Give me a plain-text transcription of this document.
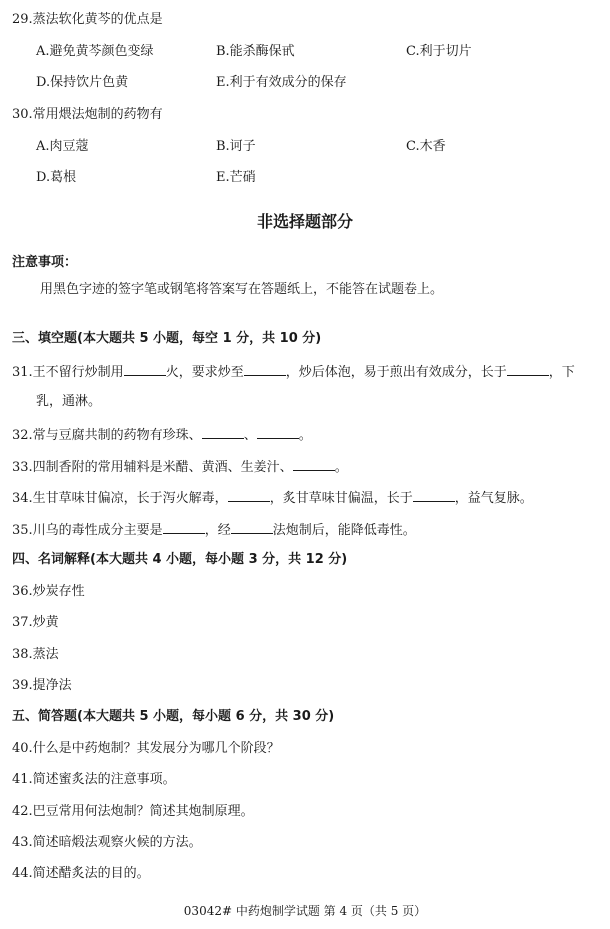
29.蒸法软化黄芩的优点是
A.避免黄芩颜色变绿	B.能杀酶保甙	C.利于切片
D.保持饮片色黄	E.利于有效成分的保存
30.常用煨法炮制的药物有
A.肉豆蔻	B.诃子	C.木香
D.葛根	E.芒硝
非选择题部分
注意事项：
用黑色字迹的签字笔或钢笔将答案写在答题纸上，不能答在试题卷上。
三、填空题(本大题共 5 小题，每空 1 分，共 10 分)
31.王不留行炒制用	火，要求炒至	，炒后体泡，易于煎出有效成分，长于	，下
乳，通淋。
32.常与豆腐共制的药物有珍珠、	、	。
33.四制香附的常用辅料是米醋、黄酒、生姜汁、	。
34.生甘草味甘偏凉，长于泻火解毒，	，炙甘草味甘偏温，长于	，益气复脉。
35.川乌的毒性成分主要是	，经	法炮制后，能降低毒性。
四、名词解释(本大题共 4 小题，每小题 3 分，共 12 分)
36.炒炭存性
37.炒黄
38.蒸法
39.提净法
五、简答题(本大题共 5 小题，每小题 6 分，共 30 分)
40.什么是中药炮制？其发展分为哪几个阶段？
41.简述蜜炙法的注意事项。
42.巴豆常用何法炮制？简述其炮制原理。
43.简述暗煅法观察火候的方法。
44.简述醋炙法的目的。
03042# 中药炮制学试题 第 4 页（共 5 页）
